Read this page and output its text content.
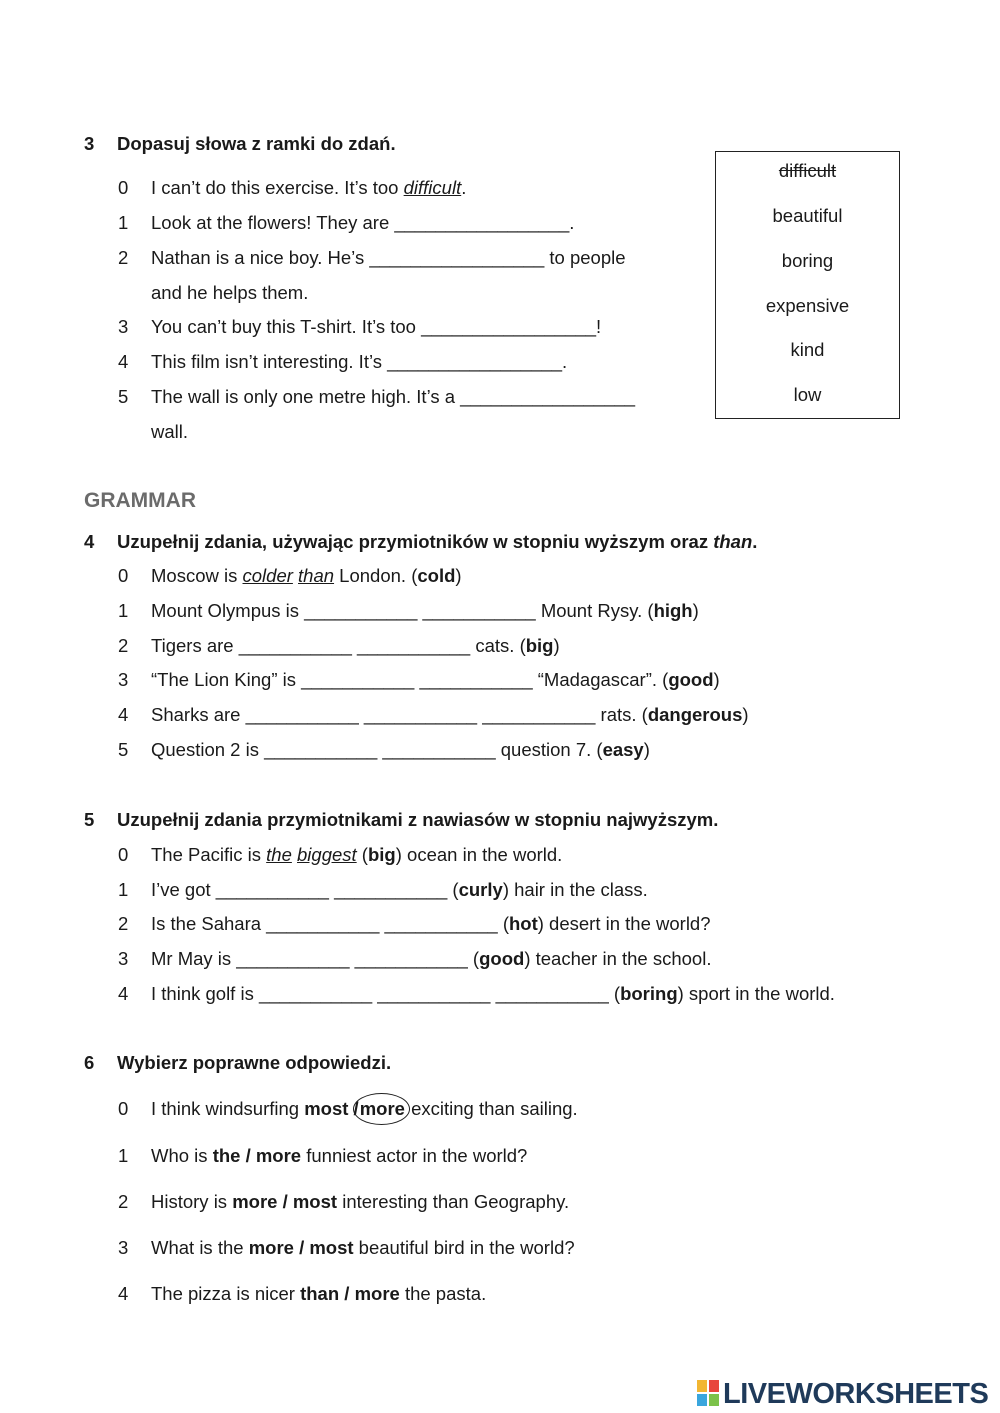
3 Dopasuj słowa z ramki do zdań.
0 I can’t do this exercise. It’s too difficult.
1 Look at the flowers! They are _________________.
2 Nathan is a nice boy. He’s _________________ to people
and he helps them.
3 You can’t buy this T-shirt. It’s too _________________!
4 This film isn’t interesting. It’s _________________.
5 The wall is only one metre high. It’s a _________________
wall.
difficult
beautiful
boring
expensive
kind
low
GRAMMAR
4 Uzupełnij zdania, używając przymiotników w stopniu wyższym oraz than.
0 Moscow is colder than London. (cold)
1 Mount Olympus is ___________ ___________ Mount Rysy. (high)
2 Tigers are ___________ ___________ cats. (big)
3 “The Lion King” is ___________ ___________ “Madagascar”. (good)
4 Sharks are ___________ ___________ ___________ rats. (dangerous)
5 Question 2 is ___________ ___________ question 7. (easy)
5 Uzupełnij zdania przymiotnikami z nawiasów w stopniu najwyższym.
0 The Pacific is the biggest (big) ocean in the world.
1 I’ve got ___________ ___________ (curly) hair in the class.
2 Is the Sahara ___________ ___________ (hot) desert in the world?
3 Mr May is ___________ ___________ (good) teacher in the school.
4 I think golf is ___________ ___________ ___________ (boring) sport in the world.
6 Wybierz poprawne odpowiedzi.
0 I think windsurfing most /more exciting than sailing.
1 Who is the / more funniest actor in the world?
2 History is more / most interesting than Geography.
3 What is the more / most beautiful bird in the world?
4 The pizza is nicer than / more the pasta.
LIVEWORKSHEETS
